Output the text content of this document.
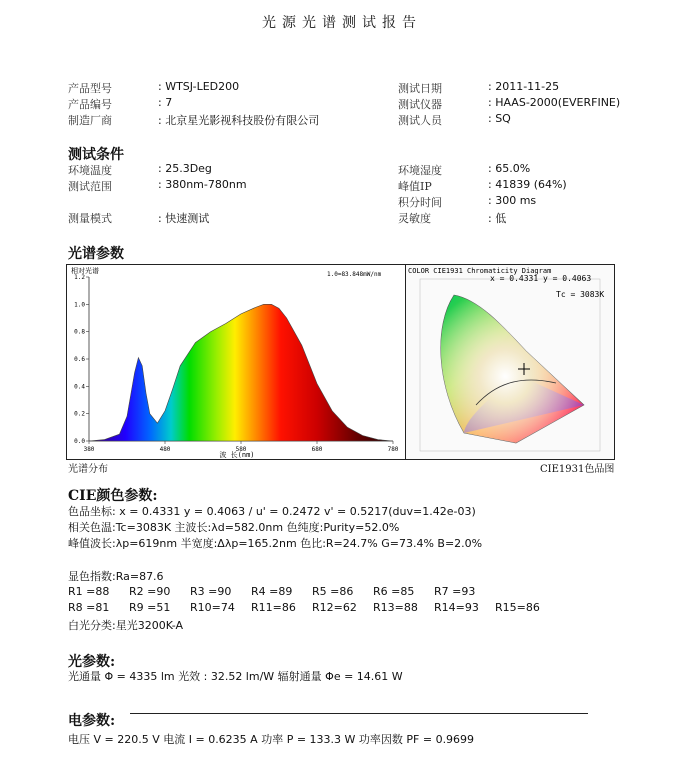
光源光谱测试报告
产品型号	: WTSJ-LED200
产品编号	: 7
制造厂商	: 北京星光影视科技股份有限公司
测试日期	: 2011-11-25
测试仪器	: HAAS-2000(EVERFINE)
测试人员	: SQ
测试条件
环境温度	: 25.3Deg
测试范围	: 380nm-780nm
测量模式	: 快速测试
环境湿度	: 65.0%
峰值IP	: 41839 (64%)
积分时间	: 300 ms
灵敏度	: 低
光谱参数
0.0
0.2
0.4
0.6
0.8
1.0
1.2
380	480	580	680	780
相对光谱	1.0=83.848mW/nm
波 长(nm)
COLOR CIE1931 Chromaticity Diagram
x = 0.4331 y = 0.4063
Tc = 3083K
光谱分布	CIE1931色品图
CIE颜色参数:
色品坐标: x = 0.4331 y = 0.4063 / u' = 0.2472 v' = 0.5217(duv=1.42e-03)
相关色温:Tc=3083K 主波长:λd=582.0nm 色纯度:Purity=52.0%
峰值波长:λp=619nm 半宽度:Δλp=165.2nm 色比:R=24.7% G=73.4% B=2.0%
显色指数:Ra=87.6
R1 =88 R2 =90 R3 =90 R4 =89 R5 =86 R6 =85 R7 =93
R8 =81 R9 =51 R10=74 R11=86 R12=62 R13=88 R14=93 R15=86
白光分类:星光3200K-A
光参数:
光通量 Φ = 4335 lm 光效 : 32.52 lm/W 辐射通量 Φe = 14.61 W
电参数:
电压 V = 220.5 V 电流 I = 0.6235 A 功率 P = 133.3 W 功率因数 PF = 0.9699
